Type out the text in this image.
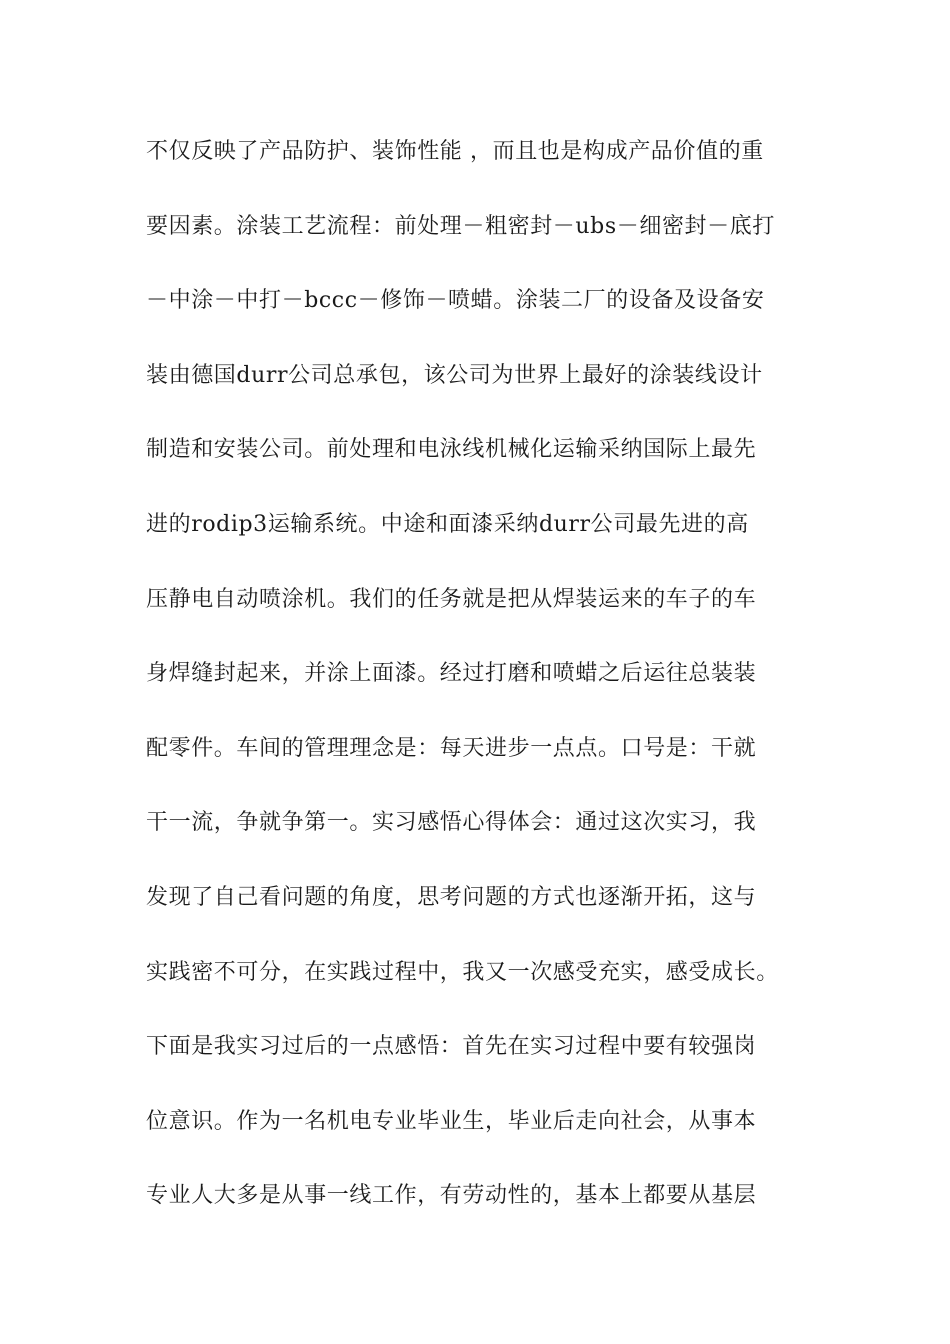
不仅反映了产品防护、装饰性能 ，而且也是构成产品价值的重
要因素。涂装工艺流程：前处理－粗密封－ubs－细密封－底打
－中涂－中打－bccc－修饰－喷蜡。涂装二厂的设备及设备安
装由德国durr公司总承包，该公司为世界上最好的涂装线设计
制造和安装公司。前处理和电泳线机械化运输采纳国际上最先
进的rodip3运输系统。中途和面漆采纳durr公司最先进的高
压静电自动喷涂机。我们的任务就是把从焊装运来的车子的车
身焊缝封起来，并涂上面漆。经过打磨和喷蜡之后运往总装装
配零件。车间的管理理念是：每天进步一点点。口号是：干就
干一流，争就争第一。实习感悟心得体会：通过这次实习，我
发现了自己看问题的角度，思考问题的方式也逐渐开拓，这与
实践密不可分，在实践过程中，我又一次感受充实，感受成长。
下面是我实习过后的一点感悟：首先在实习过程中要有较强岗
位意识。作为一名机电专业毕业生，毕业后走向社会，从事本
专业人大多是从事一线工作，有劳动性的，基本上都要从基层
